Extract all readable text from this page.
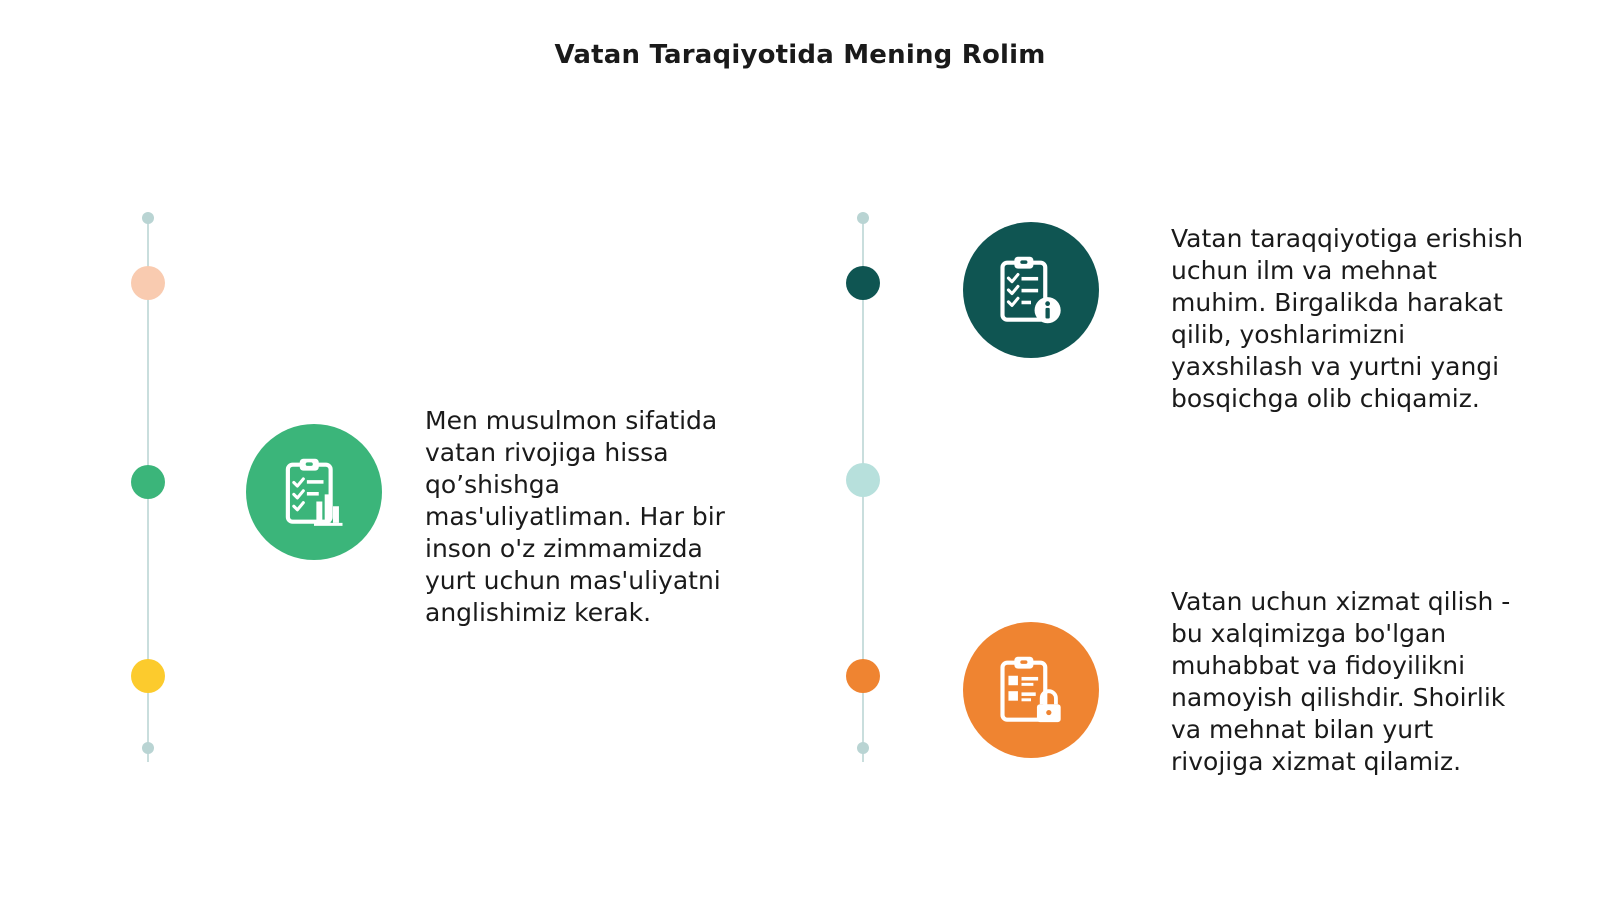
Vatan Taraqiyotida Mening Rolim
Men musulmon sifatida
vatan rivojiga hissa
qo’shishga
mas'uliyatliman. Har bir
inson o'z zimmamizda
yurt uchun mas'uliyatni
anglishimiz kerak.
Vatan taraqqiyotiga erishish
uchun ilm va mehnat
muhim. Birgalikda harakat
qilib, yoshlarimizni
yaxshilash va yurtni yangi
bosqichga olib chiqamiz.
Vatan uchun xizmat qilish -
bu xalqimizga bo'lgan
muhabbat va fidoyilikni
namoyish qilishdir. Shoirlik
va mehnat bilan yurt
rivojiga xizmat qilamiz.
